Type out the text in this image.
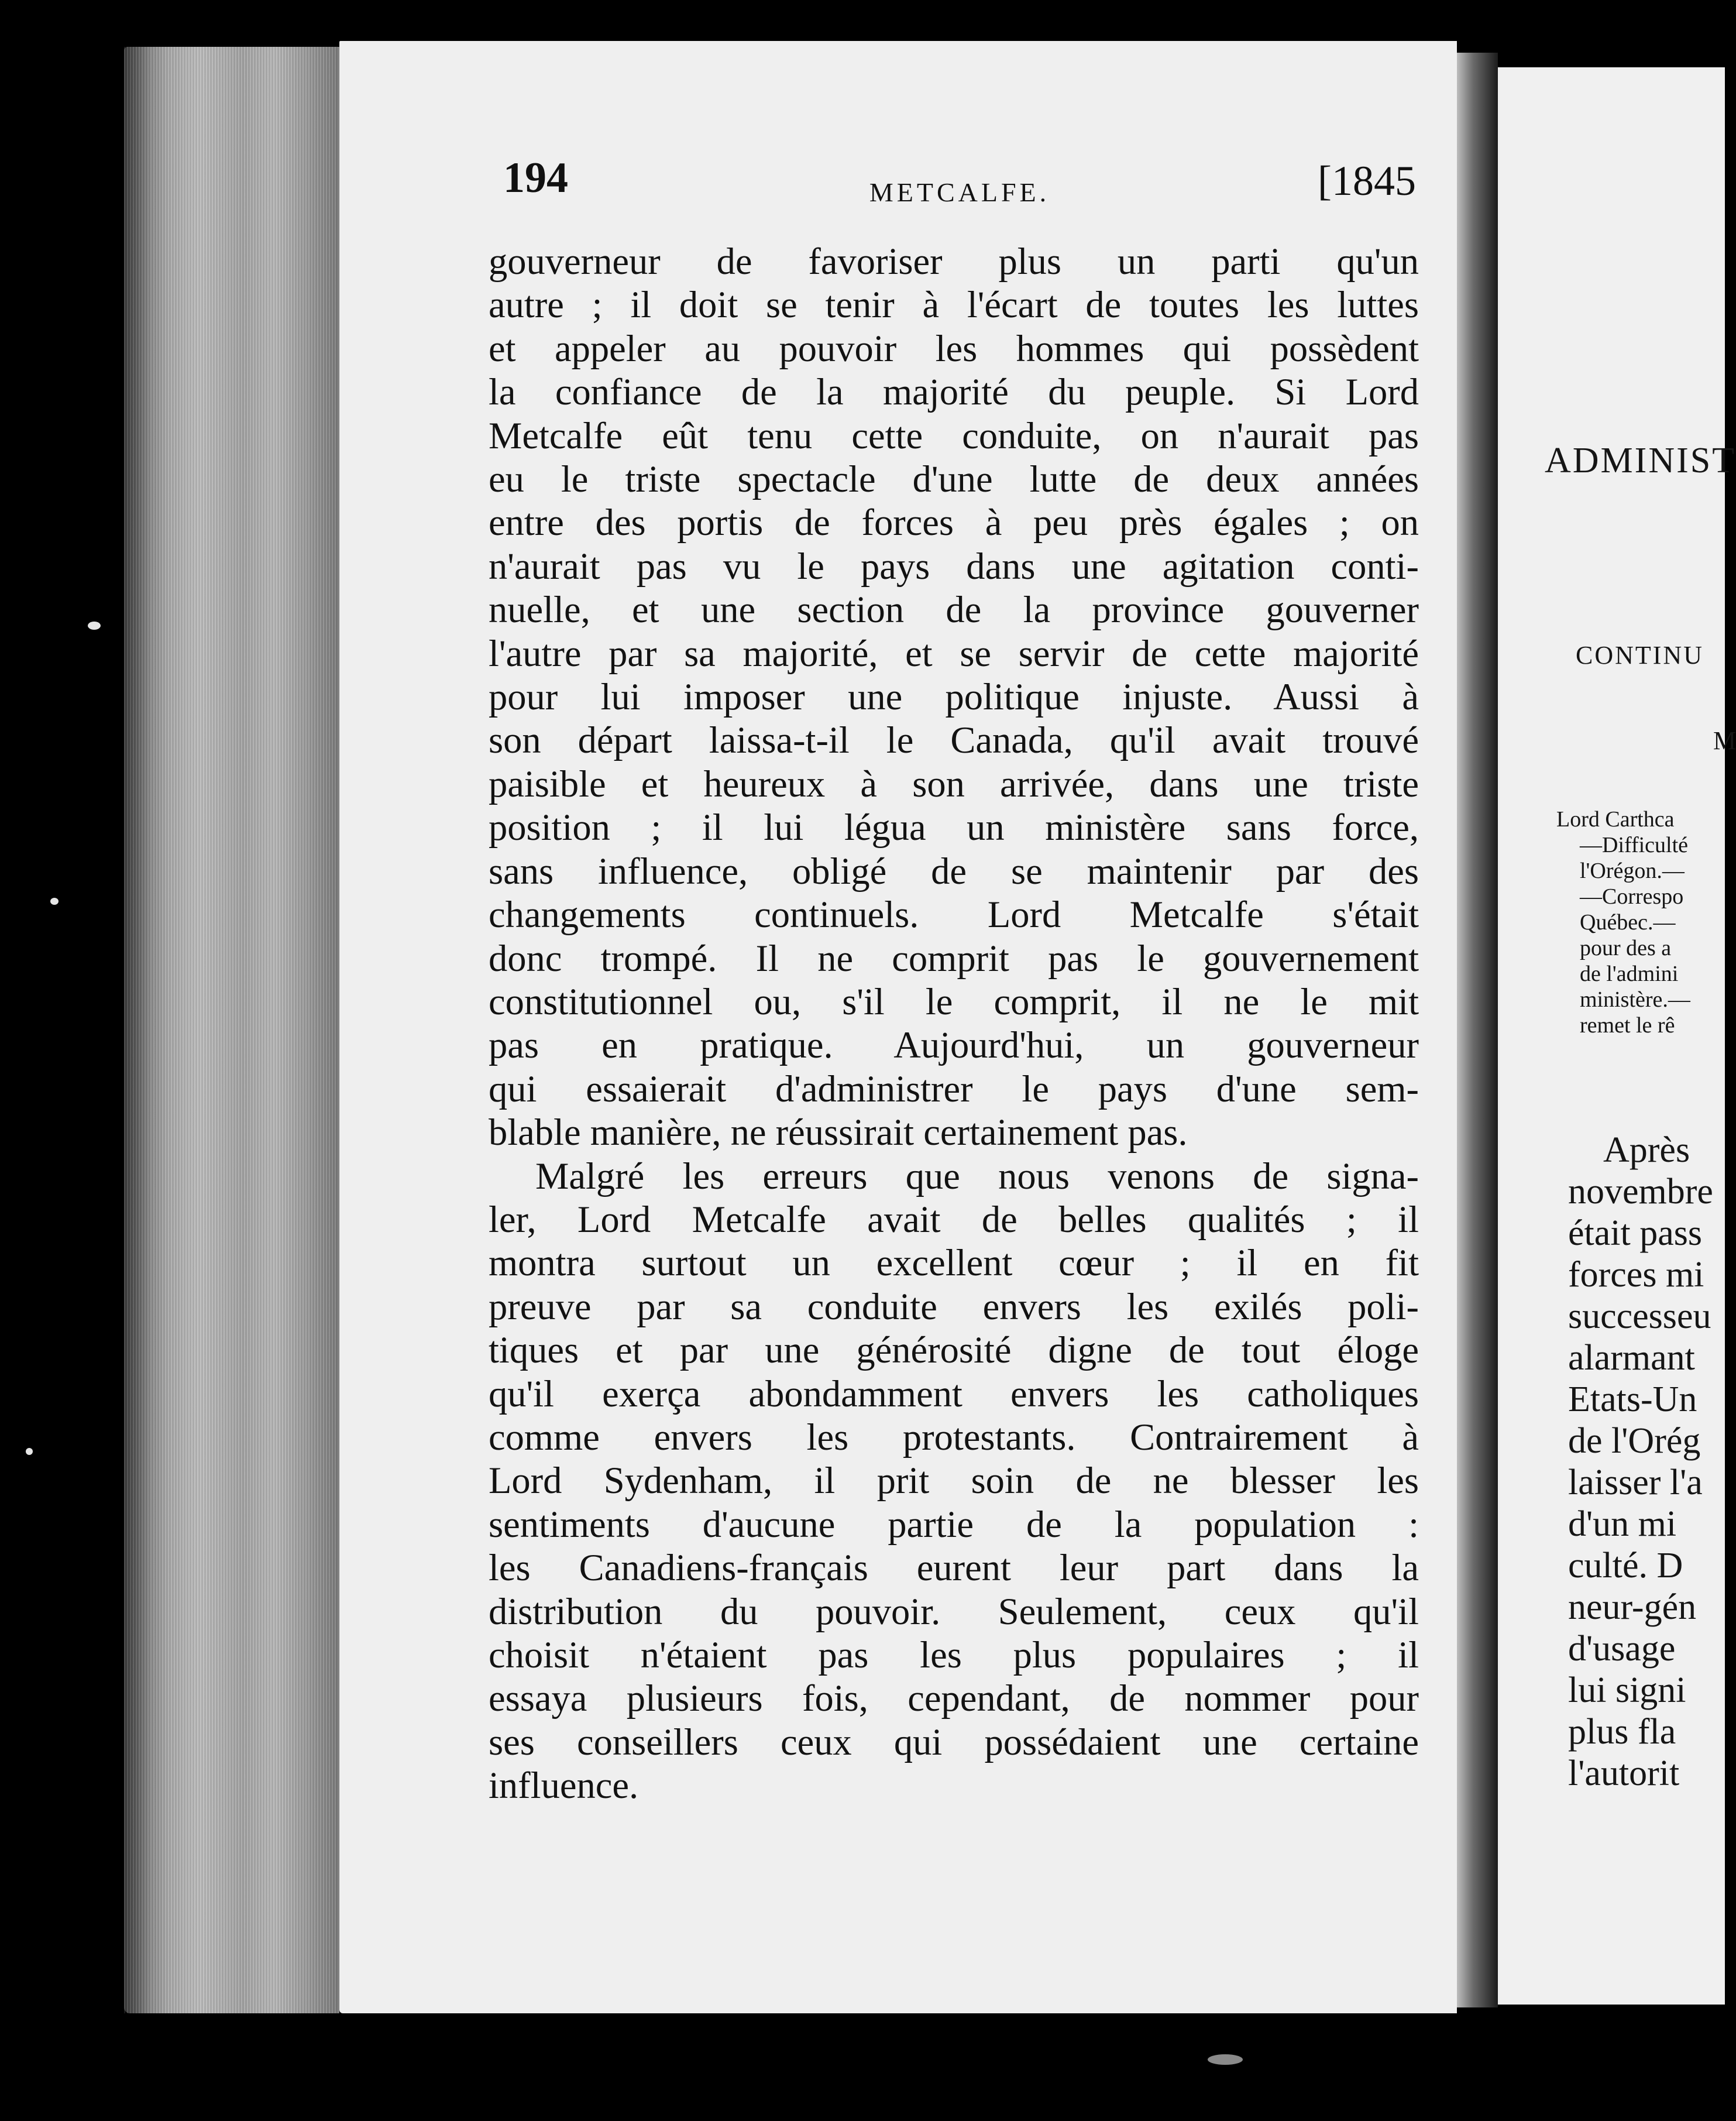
194	METCALFE.	[1845
gouverneur de favoriser plus un parti qu'un
autre ; il doit se tenir à l'écart de toutes les luttes
et appeler au pouvoir les hommes qui possèdent
la confiance de la majorité du peuple. Si Lord
Metcalfe eût tenu cette conduite, on n'aurait pas
eu le triste spectacle d'une lutte de deux années
entre des portis de forces à peu près égales ; on
n'aurait pas vu le pays dans une agitation conti-
nuelle, et une section de la province gouverner
l'autre par sa majorité, et se servir de cette majorité
pour lui imposer une politique injuste. Aussi à
son départ laissa-t-il le Canada, qu'il avait trouvé
paisible et heureux à son arrivée, dans une triste
position ; il lui légua un ministère sans force,
sans influence, obligé de se maintenir par des
changements continuels. Lord Metcalfe s'était
donc trompé. Il ne comprit pas le gouvernement
constitutionnel ou, s'il le comprit, il ne le mit
pas en pratique. Aujourd'hui, un gouverneur
qui essaierait d'administrer le pays d'une sem-
blable manière, ne réussirait certainement pas.
Malgré les erreurs que nous venons de signa-
ler, Lord Metcalfe avait de belles qualités ; il
montra surtout un excellent cœur ; il en fit
preuve par sa conduite envers les exilés poli-
tiques et par une générosité digne de tout éloge
qu'il exerça abondamment envers les catholiques
comme envers les protestants. Contrairement à
Lord Sydenham, il prit soin de ne blesser les
sentiments d'aucune partie de la population :
les Canadiens-français eurent leur part dans la
distribution du pouvoir. Seulement, ceux qu'il
choisit n'étaient pas les plus populaires ; il
essaya plusieurs fois, cependant, de nommer pour
ses conseillers ceux qui possédaient une certaine
influence.
ADMINIST
CONTINU
M
Lord Carthca
—Difficulté
l'Orégon.—
—Correspo
Québec.—
pour des a
de l'admini
ministère.—
remet le rê
Après
novembre
était pass
forces mi
successeu
alarmant
Etats-Un
de l'Orég
laisser l'a
d'un mi
culté. D
neur-gén
d'usage
lui signi
plus fla
l'autorit
